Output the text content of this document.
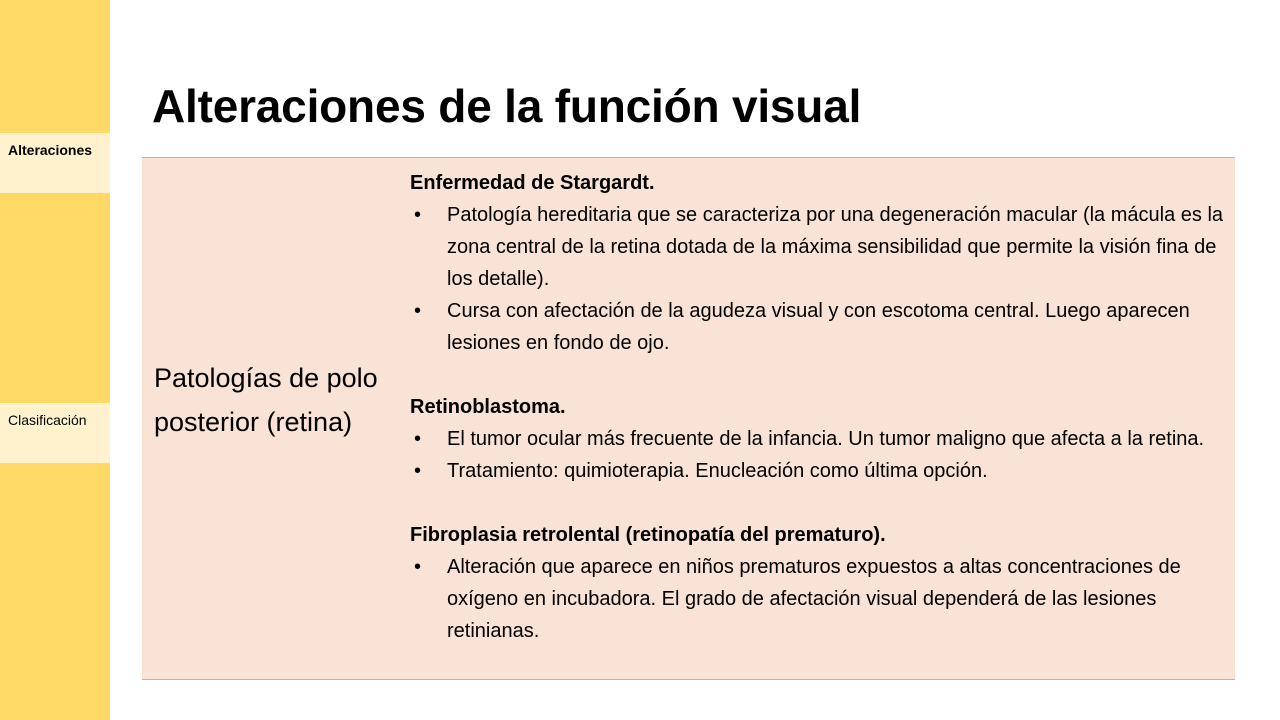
Alteraciones
Clasificación
Alteraciones de la función visual
Patologías de polo posterior (retina)

Enfermedad de Stargardt.

• Patología hereditaria que se caracteriza por una degeneración macular (la mácula es la zona central de la retina dotada de la máxima sensibilidad que permite la visión fina de los detalle).
• Cursa con afectación de la agudeza visual y con escotoma central. Luego aparecen lesiones en fondo de ojo.

Retinoblastoma.

• El tumor ocular más frecuente de la infancia. Un tumor maligno que afecta a la retina.
• Tratamiento: quimioterapia. Enucleación como última opción.

Fibroplasia retrolental (retinopatía del prematuro).

• Alteración que aparece en niños prematuros expuestos a altas concentraciones de oxígeno en incubadora. El grado de afectación visual dependerá de las lesiones retinianas.
